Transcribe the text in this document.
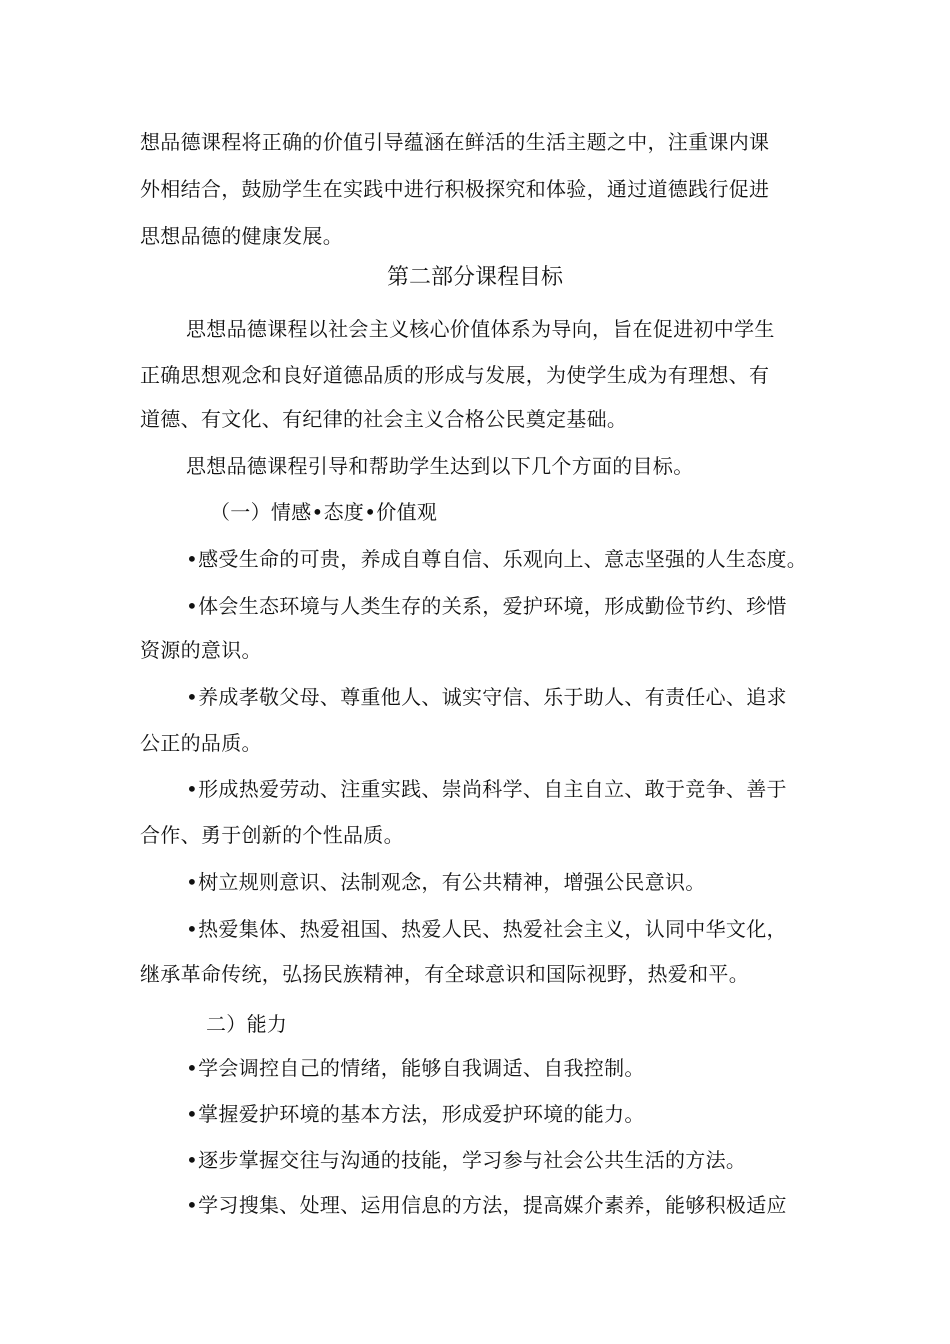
想品德课程将正确的价值引导蕴涵在鲜活的生活主题之中，注重课内课
外相结合，鼓励学生在实践中进行积极探究和体验，通过道德践行促进
思想品德的健康发展。
第二部分课程目标
思想品德课程以社会主义核心价值体系为导向，旨在促进初中学生
正确思想观念和良好道德品质的形成与发展，为使学生成为有理想、有
道德、有文化、有纪律的社会主义合格公民奠定基础。
思想品德课程引导和帮助学生达到以下几个方面的目标。
（一）情感•态度•价值观
•感受生命的可贵，养成自尊自信、乐观向上、意志坚强的人生态度。
•体会生态环境与人类生存的关系，爱护环境，形成勤俭节约、珍惜
资源的意识。
•养成孝敬父母、尊重他人、诚实守信、乐于助人、有责任心、追求
公正的品质。
•形成热爱劳动、注重实践、崇尚科学、自主自立、敢于竞争、善于
合作、勇于创新的个性品质。
•树立规则意识、法制观念，有公共精神，增强公民意识。
•热爱集体、热爱祖国、热爱人民、热爱社会主义，认同中华文化，
继承革命传统，弘扬民族精神，有全球意识和国际视野，热爱和平。
二）能力
•学会调控自己的情绪，能够自我调适、自我控制。
•掌握爱护环境的基本方法，形成爱护环境的能力。
•逐步掌握交往与沟通的技能，学习参与社会公共生活的方法。
•学习搜集、处理、运用信息的方法，提高媒介素养，能够积极适应
